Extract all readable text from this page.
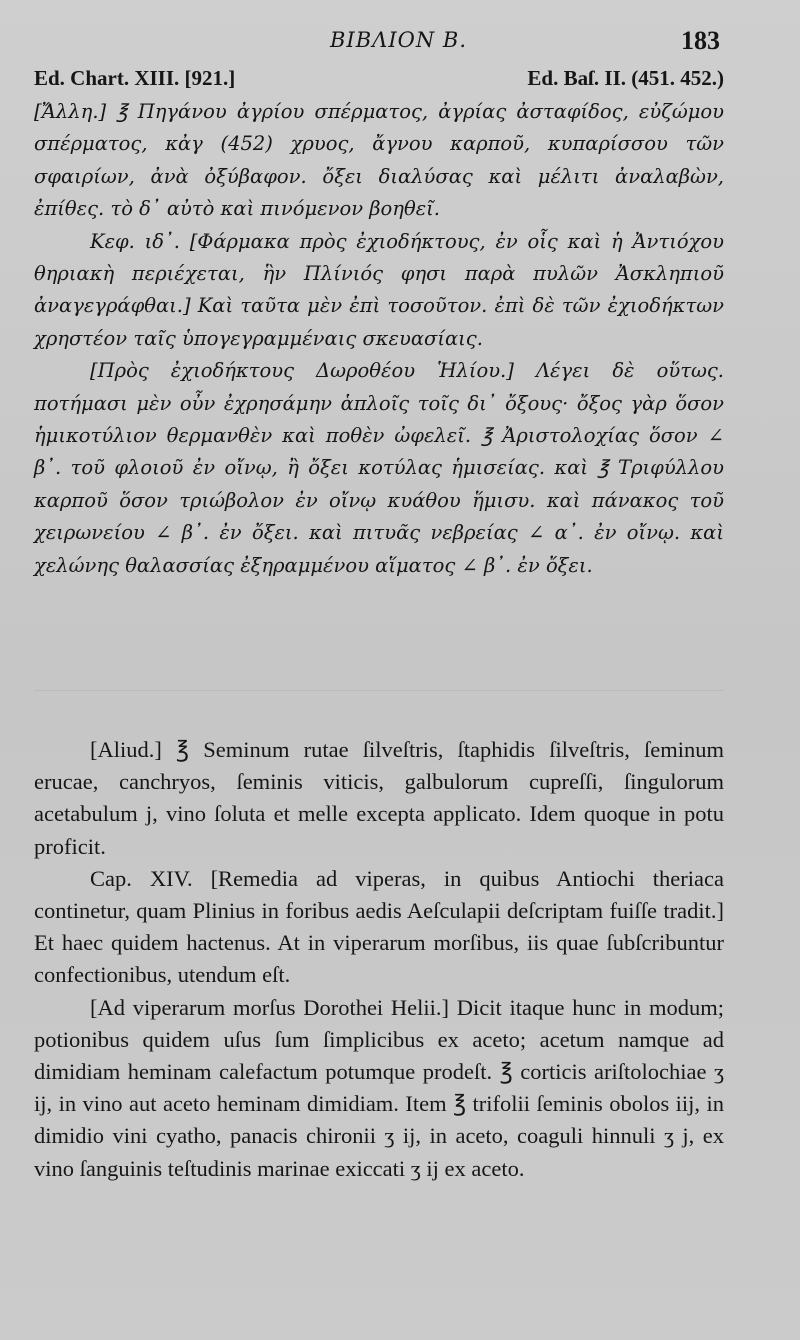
BIBΛΙΟΝ B.	183
Ed. Chart. XIII. [921.]	Ed. Baſ. II. (451. 452.)

[Ἄλλη.] ℥ Πηγάνου ἀγρίου σπέρματος, ἀγρίας ἀσταφίδος, εὐζώμου σπέρματος, κἀγ (452) χρυος, ἄγνου καρποῦ, κυπαρίσσου τῶν σφαιρίων, ἀνὰ ὀξύβαφον. ὄξει διαλύσας καὶ μέλιτι ἀναλαβὼν, ἐπίθες. τὸ δ᾽ αὐτὸ καὶ πινόμενον βοηθεῖ.

Κεφ. ιδ᾽. [Φάρμακα πρὸς ἐχιοδήκτους, ἐν οἷς καὶ ἡ Ἀντιόχου θηριακὴ περιέχεται, ἣν Πλίνιός φησι παρὰ πυλῶν Ἀσκληπιοῦ ἀναγεγράφθαι.] Καὶ ταῦτα μὲν ἐπὶ τοσοῦτον. ἐπὶ δὲ τῶν ἐχιοδήκτων χρηστέον ταῖς ὑπογεγραμμέναις σκευασίαις.

[Πρὸς ἐχιοδήκτους Δωροθέου Ἡλίου.] Λέγει δὲ οὕτως. ποτήμασι μὲν οὖν ἐχρησάμην ἁπλοῖς τοῖς δι᾽ ὄξους· ὄξος γὰρ ὅσον ἡμικοτύλιον θερμανθὲν καὶ ποθὲν ὠφελεῖ. ℥ Ἀριστολοχίας ὅσον ∠ β᾽. τοῦ φλοιοῦ ἐν οἴνῳ, ἢ ὄξει κοτύλας ἡμισείας. καὶ ℥ Τριφύλλου καρποῦ ὅσον τριώβολον ἐν οἴνῳ κυάθου ἥμισυ. καὶ πάνακος τοῦ χειρωνείου ∠ β᾽. ἐν ὄξει. καὶ πιτυᾶς νεβρείας ∠ α᾽. ἐν οἴνῳ. καὶ χελώνης θαλασσίας ἐξηραμμένου αἵματος ∠ β᾽. ἐν ὄξει.

[Aliud.] ℥ Seminum rutae ſilveſtris, ſtaphidis ſilveſtris, ſeminum erucae, canchryos, ſeminis viticis, galbulorum cupreſſi, ſingulorum acetabulum j, vino ſoluta et melle excepta applicato. Idem quoque in potu proficit.

Cap. XIV. [Remedia ad viperas, in quibus Antiochi theriaca continetur, quam Plinius in foribus aedis Aeſculapii deſcriptam fuiſſe tradit.] Et haec quidem hactenus. At in viperarum morſibus, iis quae ſubſcribuntur confectionibus, utendum eſt.

[Ad viperarum morſus Dorothei Helii.] Dicit itaque hunc in modum; potionibus quidem uſus ſum ſimplicibus ex aceto; acetum namque ad dimidiam heminam calefactum potumque prodeſt. ℥ corticis ariſtolochiae ʒ ij, in vino aut aceto heminam dimidiam. Item ℥ trifolii ſeminis obolos iij, in dimidio vini cyatho, panacis chironii ʒ ij, in aceto, coaguli hinnuli ʒ j, ex vino ſanguinis teſtudinis marinae exiccati ʒ ij ex aceto.
